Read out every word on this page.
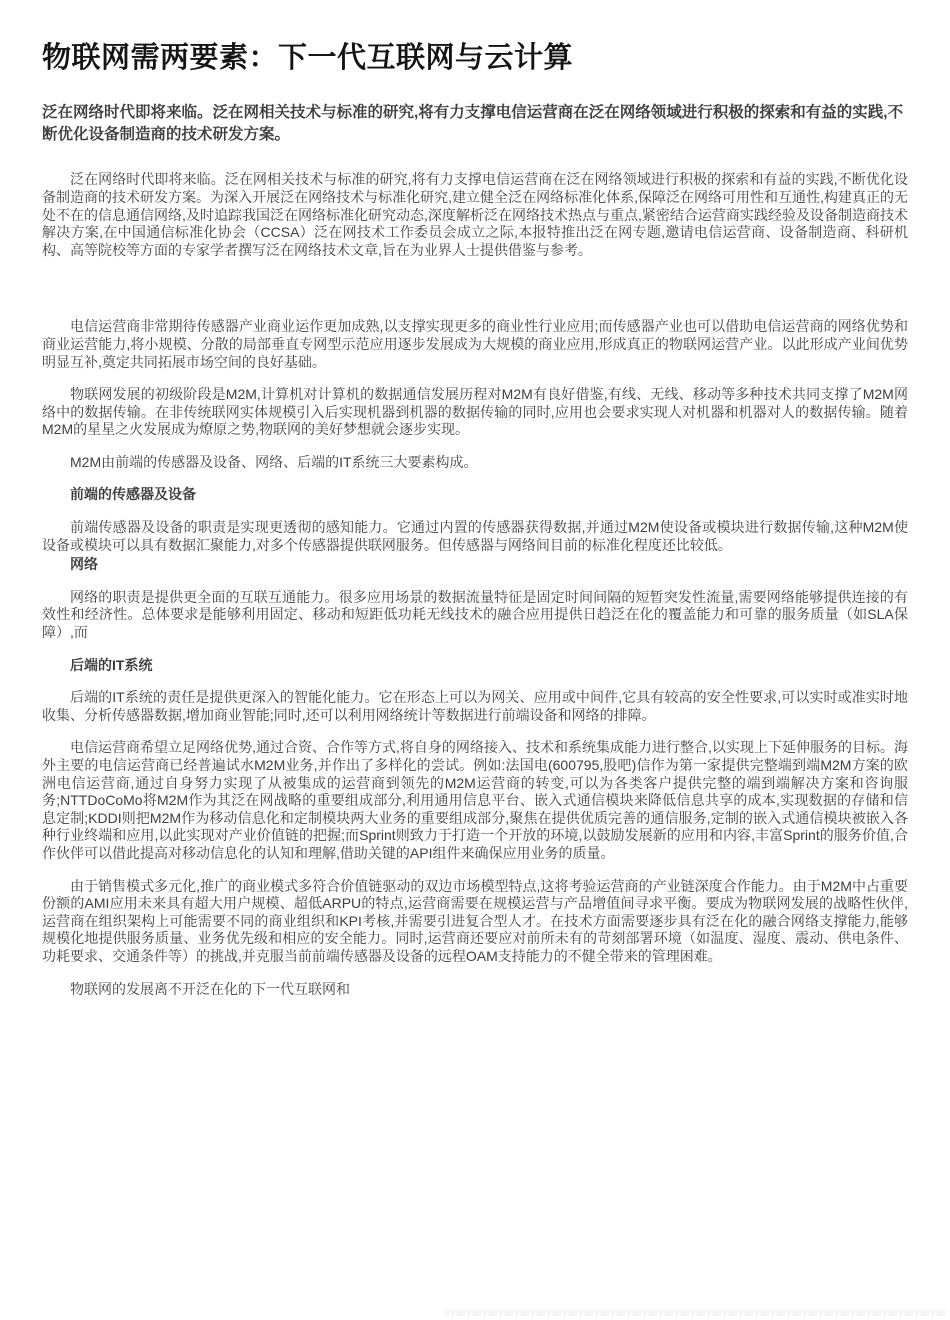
物联网需两要素：下一代互联网与云计算

泛在网络时代即将来临。泛在网相关技术与标准的研究,将有力支撑电信运营商在泛在网络领域进行积极的探索和有益的实践,不断优化设备制造商的技术研发方案。

泛在网络时代即将来临。泛在网相关技术与标准的研究,将有力支撑电信运营商在泛在网络领域进行积极的探索和有益的实践,不断优化设备制造商的技术研发方案。为深入开展泛在网络技术与标准化研究,建立健全泛在网络标准化体系,保障泛在网络可用性和互通性,构建真正的无处不在的信息通信网络,及时追踪我国泛在网络标准化研究动态,深度解析泛在网络技术热点与重点,紧密结合运营商实践经验及设备制造商技术解决方案,在中国通信标准化协会（CCSA）泛在网技术工作委员会成立之际,本报特推出泛在网专题,邀请电信运营商、设备制造商、科研机构、高等院校等方面的专家学者撰写泛在网络技术文章,旨在为业界人士提供借鉴与参考。

电信运营商非常期待传感器产业商业运作更加成熟,以支撑实现更多的商业性行业应用;而传感器产业也可以借助电信运营商的网络优势和商业运营能力,将小规模、分散的局部垂直专网型示范应用逐步发展成为大规模的商业应用,形成真正的物联网运营产业。以此形成产业间优势明显互补,奠定共同拓展市场空间的良好基础。

物联网发展的初级阶段是M2M,计算机对计算机的数据通信发展历程对M2M有良好借鉴,有线、无线、移动等多种技术共同支撑了M2M网络中的数据传输。在非传统联网实体规模引入后实现机器到机器的数据传输的同时,应用也会要求实现人对机器和机器对人的数据传输。随着M2M的星星之火发展成为燎原之势,物联网的美好梦想就会逐步实现。

M2M由前端的传感器及设备、网络、后端的IT系统三大要素构成。

前端的传感器及设备

前端传感器及设备的职责是实现更透彻的感知能力。它通过内置的传感器获得数据,并通过M2M使设备或模块进行数据传输,这种M2M使设备或模块可以具有数据汇聚能力,对多个传感器提供联网服务。但传感器与网络间目前的标准化程度还比较低。

网络

网络的职责是提供更全面的互联互通能力。很多应用场景的数据流量特征是固定时间间隔的短暂突发性流量,需要网络能够提供连接的有效性和经济性。总体要求是能够利用固定、移动和短距低功耗无线技术的融合应用提供日趋泛在化的覆盖能力和可靠的服务质量（如SLA保障）,而

后端的IT系统

后端的IT系统的责任是提供更深入的智能化能力。它在形态上可以为网关、应用或中间件,它具有较高的安全性要求,可以实时或准实时地收集、分析传感器数据,增加商业智能;同时,还可以利用网络统计等数据进行前端设备和网络的排障。

电信运营商希望立足网络优势,通过合资、合作等方式,将自身的网络接入、技术和系统集成能力进行整合,以实现上下延伸服务的目标。海外主要的电信运营商已经普遍试水M2M业务,并作出了多样化的尝试。例如:法国电(600795,股吧)信作为第一家提供完整端到端M2M方案的欧洲电信运营商,通过自身努力实现了从被集成的运营商到领先的M2M运营商的转变,可以为各类客户提供完整的端到端解决方案和咨询服务;NTTDoCoMo将M2M作为其泛在网战略的重要组成部分,利用通用信息平台、嵌入式通信模块来降低信息共享的成本,实现数据的存储和信息定制;KDDI则把M2M作为移动信息化和定制模块两大业务的重要组成部分,聚焦在提供优质完善的通信服务,定制的嵌入式通信模块被嵌入各种行业终端和应用,以此实现对产业价值链的把握;而Sprint则致力于打造一个开放的环境,以鼓励发展新的应用和内容,丰富Sprint的服务价值,合作伙伴可以借此提高对移动信息化的认知和理解,借助关键的API组件来确保应用业务的质量。

由于销售模式多元化,推广的商业模式多符合价值链驱动的双边市场模型特点,这将考验运营商的产业链深度合作能力。由于M2M中占重要份额的AMI应用未来具有超大用户规模、超低ARPU的特点,运营商需要在规模运营与产品增值间寻求平衡。要成为物联网发展的战略性伙伴,运营商在组织架构上可能需要不同的商业组织和KPI考核,并需要引进复合型人才。在技术方面需要逐步具有泛在化的融合网络支撑能力,能够规模化地提供服务质量、业务优先级和相应的安全能力。同时,运营商还要应对前所未有的苛刻部署环境（如温度、湿度、震动、供电条件、功耗要求、交通条件等）的挑战,并克服当前前端传感器及设备的远程OAM支持能力的不健全带来的管理困难。

物联网的发展离不开泛在化的下一代互联网和
